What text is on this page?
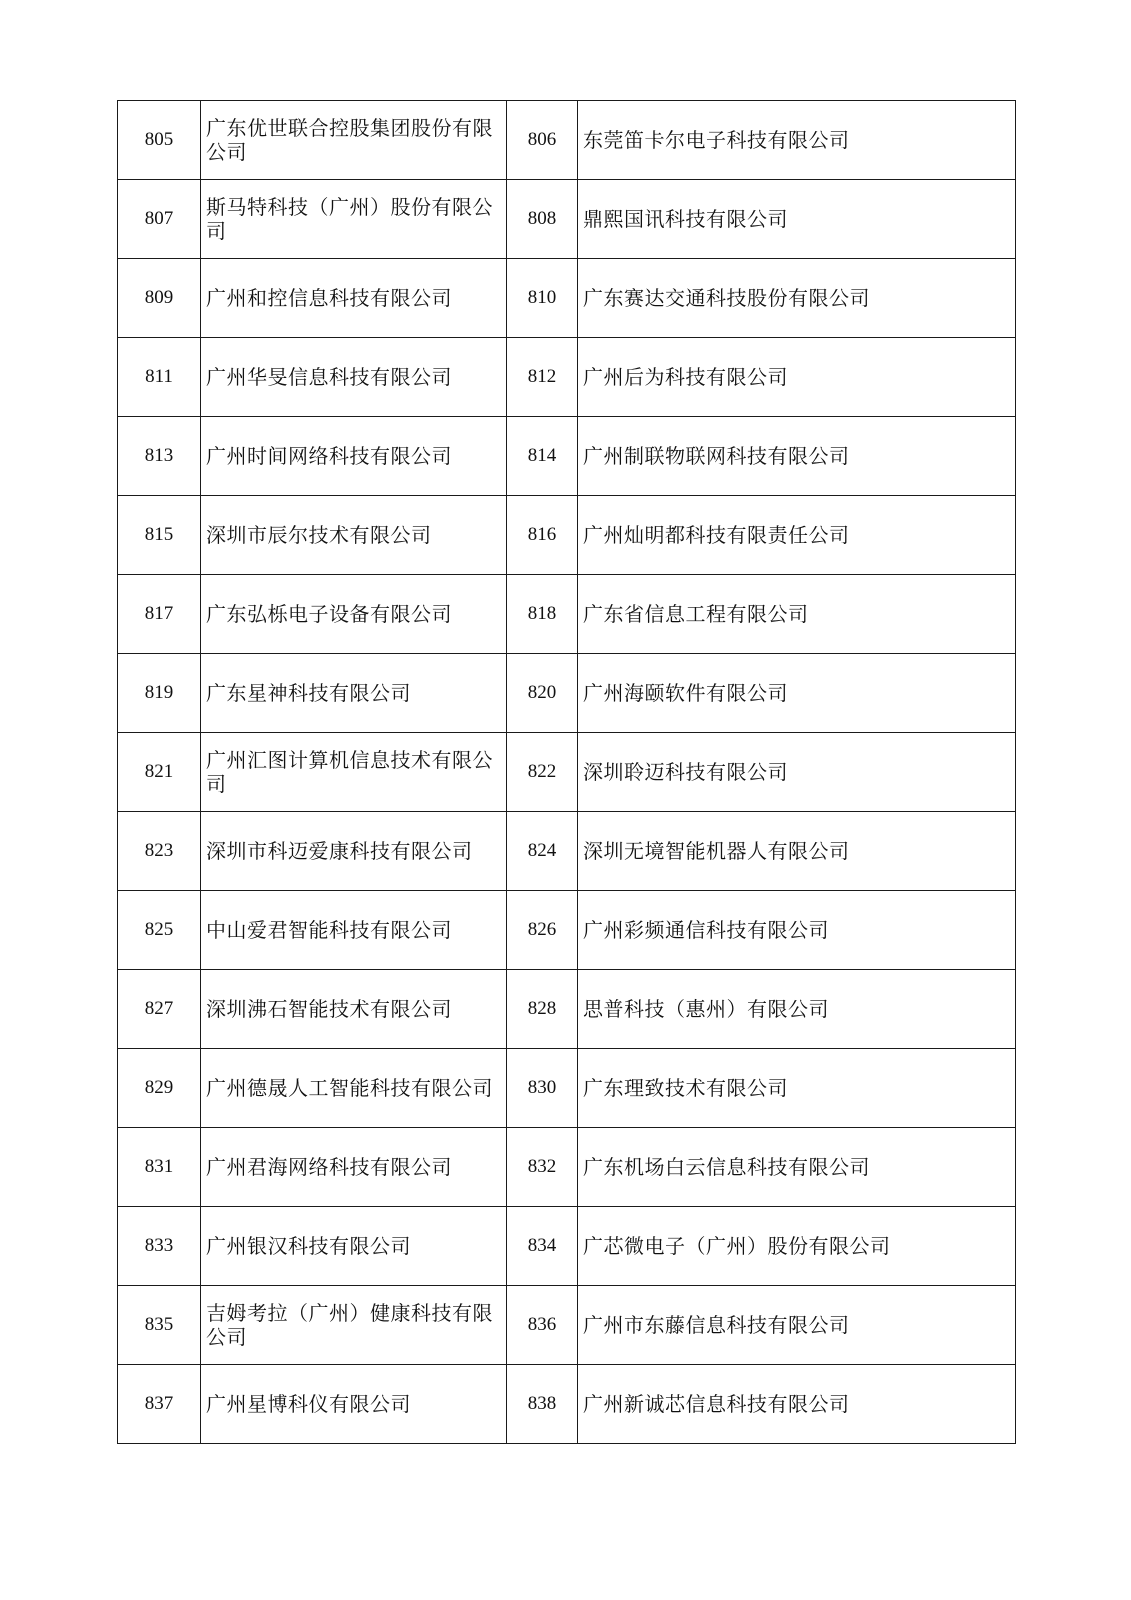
805	广东优世联合控股集团股份有限公司	806	东莞笛卡尔电子科技有限公司
807	斯马特科技（广州）股份有限公司	808	鼎熙国讯科技有限公司
809	广州和控信息科技有限公司	810	广东赛达交通科技股份有限公司
811	广州华旻信息科技有限公司	812	广州后为科技有限公司
813	广州时间网络科技有限公司	814	广州制联物联网科技有限公司
815	深圳市辰尔技术有限公司	816	广州灿明都科技有限责任公司
817	广东弘栎电子设备有限公司	818	广东省信息工程有限公司
819	广东星神科技有限公司	820	广州海颐软件有限公司
821	广州汇图计算机信息技术有限公司	822	深圳聆迈科技有限公司
823	深圳市科迈爱康科技有限公司	824	深圳无境智能机器人有限公司
825	中山爱君智能科技有限公司	826	广州彩频通信科技有限公司
827	深圳沸石智能技术有限公司	828	思普科技（惠州）有限公司
829	广州德晟人工智能科技有限公司	830	广东理致技术有限公司
831	广州君海网络科技有限公司	832	广东机场白云信息科技有限公司
833	广州银汉科技有限公司	834	广芯微电子（广州）股份有限公司
835	吉姆考拉（广州）健康科技有限公司	836	广州市东藤信息科技有限公司
837	广州星博科仪有限公司	838	广州新诚芯信息科技有限公司
